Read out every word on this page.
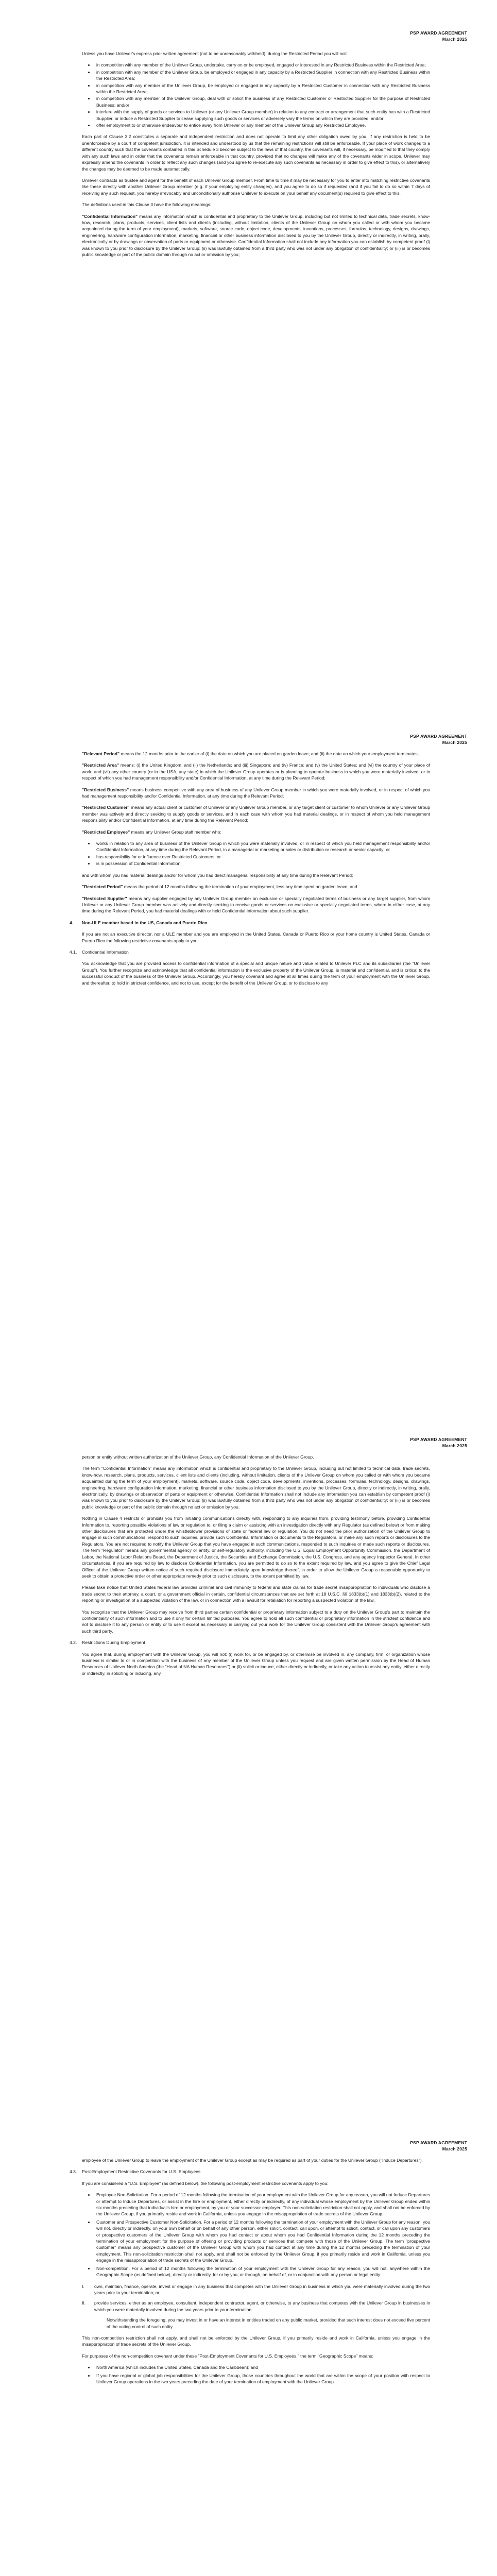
PSP AWARD AGREEMENT
March 2025

Unless you have Unilever's express prior written agreement (not to be unreasonably withheld), during the Restricted Period you will not:

• in competition with any member of the Unilever Group, undertake, carry on or be employed, engaged or interested in any Restricted Business within the Restricted Area;
• in competition with any member of the Unilever Group, be employed or engaged in any capacity by a Restricted Supplier in connection with any Restricted Business within the Restricted Area;
• in competition with any member of the Unilever Group, be employed or engaged in any capacity by a Restricted Customer in connection with any Restricted Business within the Restricted Area;
• in competition with any member of the Unilever Group, deal with or solicit the business of any Restricted Customer or Restricted Supplier for the purpose of Restricted Business; and/or
• interfere with the supply of goods or services to Unilever (or any Unilever Group member) in relation to any contract or arrangement that such entity has with a Restricted Supplier, or induce a Restricted Supplier to cease supplying such goods or services or adversely vary the terms on which they are provided; and/or
• offer employment to or otherwise endeavour to entice away from Unilever or any member of the Unilever Group any Restricted Employee.

Each part of Clause 3.2 constitutes a separate and independent restriction and does not operate to limit any other obligation owed by you. If any restriction is held to be unenforceable by a court of competent jurisdiction, it is intended and understood by us that the remaining restrictions will still be enforceable. If your place of work changes to a different country such that the covenants contained in this Schedule 3 become subject to the laws of that country, the covenants will, if necessary, be modified to that they comply with any such laws and in order that the covenants remain enforceable in that country, provided that no changes will make any of the covenants wider in scope. Unilever may expressly amend the covenants in order to reflect any such changes (and you agree to re-execute any such covenants as necessary in order to give effect to this), or alternatively the changes may be deemed to be made automatically.

Unilever contracts as trustee and agent for the benefit of each Unilever Group member. From time to time it may be necessary for you to enter into matching restrictive covenants like these directly with another Unilever Group member (e.g. if your employing entity changes), and you agree to do so if requested (and if you fail to do so within 7 days of receiving any such request, you hereby irrevocably and unconditionally authorise Unilever to execute on your behalf any document(s) required to give effect to this.

The definitions used in this Clause 3 have the following meanings:

"Confidential Information" means any information which is confidential and proprietary to the Unilever Group, including but not limited to technical data, trade secrets, know-how, research, plans, products, services, client lists and clients (including, without limitation, clients of the Unilever Group on whom you called or with whom you became acquainted during the term of your employment), markets, software, source code, object code, developments, inventions, processes, formulas, technology, designs, drawings, engineering, hardware configuration information, marketing, financial or other business information disclosed to you by the Unilever Group, directly or indirectly, in writing, orally, electronically or by drawings or observation of parts or equipment or otherwise. Confidential Information shall not include any information you can establish by competent proof (i) was known to you prior to disclosure by the Unilever Group; (ii) was lawfully obtained from a third party who was not under any obligation of confidentiality; or (iii) is or becomes public knowledge or part of the public domain through no act or omission by you;

PSP AWARD AGREEMENT
March 2025

"Relevant Period" means the 12 months prior to the earlier of (i) the date on which you are placed on garden leave; and (ii) the date on which your employment terminates;

"Restricted Area" means: (i) the United Kingdom; and (ii) the Netherlands; and (iii) Singapore; and (iv) France; and (v) the United States; and (vi) the country of your place of work; and (vii) any other country (or in the USA, any state) in which the Unilever Group operates or is planning to operate business in which you were materially involved, or in respect of which you had management responsibility and/or Confidential Information, at any time during the Relevant Period;

"Restricted Business" means business competitive with any area of business of any Unilever Group member in which you were materially involved, or in respect of which you had management responsibility and/or Confidential Information, at any time during the Relevant Period;

"Restricted Customer" means any actual client or customer of Unilever or any Unilever Group member, or any target client or customer to whom Unilever or any Unilever Group member was actively and directly seeking to supply goods or services, and in each case with whom you had material dealings, or in respect of whom you held management responsibility and/or Confidential Information, at any time during the Relevant Period;

"Restricted Employee" means any Unilever Group staff member who:

• works in relation to any area of business of the Unilever Group in which you were materially involved, or in respect of which you held management responsibility and/or Confidential Information, at any time during the Relevant Period, in a managerial or marketing or sales or distribution or research or senior capacity; or
• has responsibility for or influence over Restricted Customers; or
• is in possession of Confidential Information;

and with whom you had material dealings and/or for whom you had direct managerial responsibility at any time during the Relevant Period;

"Restricted Period" means the period of 12 months following the termination of your employment, less any time spent on garden leave; and

"Restricted Supplier" means any supplier engaged by any Unilever Group member on exclusive or specially negotiated terms of business or any target supplier, from whom Unilever or any Unilever Group member was actively and directly seeking to receive goods or services on exclusive or specially negotiated terms, where in either case, at any time during the Relevant Period, you had material dealings with or held Confidential Information about such supplier.

4. Non-ULE member based in the US, Canada and Puerto Rico

If you are not an executive director, nor a ULE member and you are employed in the United States, Canada or Puerto Rico or your home country is United States, Canada or Puerto Rico the following restrictive covenants apply to you:

4.1. Confidential Information

You acknowledge that you are provided access to confidential information of a special and unique nature and value related to Unilever PLC and its subsidiaries (the "Unilever Group"). You further recognize and acknowledge that all confidential information is the exclusive property of the Unilever Group, is material and confidential, and is critical to the successful conduct of the business of the Unilever Group. Accordingly, you hereby covenant and agree at all times during the term of your employment with the Unilever Group, and thereafter, to hold in strictest confidence, and not to use, except for the benefit of the Unilever Group, or to disclose to any

PSP AWARD AGREEMENT
March 2025

person or entity without written authorization of the Unilever Group, any Confidential Information of the Unilever Group.

The term "Confidential Information" means any information which is confidential and proprietary to the Unilever Group, including but not limited to technical data, trade secrets, know-how, research, plans, products, services, client lists and clients (including, without limitation, clients of the Unilever Group on whom you called or with whom you became acquainted during the term of your employment), markets, software, source code, object code, developments, inventions, processes, formulas, technology, designs, drawings, engineering, hardware configuration information, marketing, financial or other business information disclosed to you by the Unilever Group, directly or indirectly, in writing, orally, electronically, by drawings or observation of parts or equipment or otherwise. Confidential Information shall not include any information you can establish by competent proof (i) was known to you prior to disclosure by the Unilever Group; (ii) was lawfully obtained from a third party who was not under any obligation of confidentiality; or (iii) is or becomes public knowledge or part of the public domain through no act or omission by you.

Nothing in Clause 4 restricts or prohibits you from initiating communications directly with, responding to any inquiries from, providing testimony before, providing Confidential Information to, reporting possible violations of law or regulation to, or filing a claim or assisting with an investigation directly with any Regulator (as defined below) or from making other disclosures that are protected under the whistleblower provisions of state or federal law or regulation. You do not need the prior authorization of the Unilever Group to engage in such communications, respond to such inquiries, provide such Confidential Information or documents to the Regulators, or make any such reports or disclosures to the Regulators. You are not required to notify the Unilever Group that you have engaged in such communications, responded to such inquiries or made such reports or disclosures. The term "Regulator" means any governmental agency or entity, or self-regulatory authority, including the U.S. Equal Employment Opportunity Commission, the Department of Labor, the National Labor Relations Board, the Department of Justice, the Securities and Exchange Commission, the U.S. Congress, and any agency Inspector General. In other circumstances, if you are required by law to disclose Confidential Information, you are permitted to do so to the extent required by law, and you agree to give the Chief Legal Officer of the Unilever Group written notice of such required disclosure immediately upon knowledge thereof, in order to allow the Unilever Group a reasonable opportunity to seek to obtain a protective order or other appropriate remedy prior to such disclosure, to the extent permitted by law.

Please take notice that United States federal law provides criminal and civil immunity to federal and state claims for trade secret misappropriation to individuals who disclose a trade secret to their attorney, a court, or a government official in certain, confidential circumstances that are set forth at 18 U.S.C. §§ 1833(b)(1) and 1833(b)(2), related to the reporting or investigation of a suspected violation of the law, or in connection with a lawsuit for retaliation for reporting a suspected violation of the law.

You recognize that the Unilever Group may receive from third parties certain confidential or proprietary information subject to a duty on the Unilever Group's part to maintain the confidentiality of such information and to use it only for certain limited purposes. You agree to hold all such confidential or proprietary information in the strictest confidence and not to disclose it to any person or entity or to use it except as necessary in carrying out your work for the Unilever Group consistent with the Unilever Group's agreement with such third party.

4.2. Restrictions During Employment

You agree that, during employment with the Unilever Group, you will not: (i) work for, or be engaged by, or otherwise be involved in, any company, firm, or organization whose business is similar to or in competition with the business of any member of the Unilever Group unless you request and are given written permission by the Head of Human Resources of Unilever North America (the "Head of NA Human Resources") or (ii) solicit or induce, either directly or indirectly, or take any action to assist any entity, either directly or indirectly, in soliciting or inducing, any

PSP AWARD AGREEMENT
March 2025

employee of the Unilever Group to leave the employment of the Unilever Group except as may be required as part of your duties for the Unilever Group ("Induce Departures").

4.3. Post-Employment Restrictive Covenants for U.S. Employees

If you are considered a "U.S. Employee" (as defined below), the following post-employment restrictive covenants apply to you:

• Employee Non-Solicitation. For a period of 12 months following the termination of your employment with the Unilever Group for any reason, you will not Induce Departures or attempt to Induce Departures, or assist in the hire or employment, either directly or indirectly, of any individual whose employment by the Unilever Group ended within six months preceding that individual's hire or employment, by you or your successor employer. This non-solicitation restriction shall not apply, and shall not be enforced by the Unilever Group, if you primarily reside and work in California, unless you engage in the misappropriation of trade secrets of the Unilever Group.
• Customer and Prospective Customer Non-Solicitation. For a period of 12 months following the termination of your employment with the Unilever Group for any reason, you will not, directly or indirectly, on your own behalf or on behalf of any other person, either solicit, contact, call upon, or attempt to solicit, contact, or call upon any customers or prospective customers of the Unilever Group with whom you had contact or about whom you had Confidential Information during the 12 months preceding the termination of your employment for the purpose of offering or providing products or services that compete with those of the Unilever Group. The term "prospective customer" means any prospective customer of the Unilever Group with whom you had contact at any time during the 12 months preceding the termination of your employment. This non-solicitation restriction shall not apply, and shall not be enforced by the Unilever Group, if you primarily reside and work in California, unless you engage in the misappropriation of trade secrets of the Unilever Group.
• Non-competition. For a period of 12 months following the termination of your employment with the Unilever Group for any reason, you will not, anywhere within the Geographic Scope (as defined below), directly or indirectly, for or by you, or through, on behalf of, or in conjunction with any person or legal entity:
I.	own, maintain, finance, operate, invest or engage in any business that competes with the Unilever Group in business in which you were materially involved during the two years prior to your termination; or
II.	provide services, either as an employee, consultant, independent contractor, agent, or otherwise, to any business that competes with the Unilever Group in businesses in which you were materially involved during the two years prior to your termination.

Notwithstanding the foregoing, you may invest in or have an interest in entities traded on any public market, provided that such interest does not exceed five percent of the voting control of such entity.

This non-competition restriction shall not apply, and shall not be enforced by the Unilever Group, if you primarily reside and work in California, unless you engage in the misappropriation of trade secrets of the Unilever Group.

For purposes of the non-competition covenant under these "Post-Employment Covenants for U.S. Employees," the term "Geographic Scope" means:

• North America (which includes the United States, Canada and the Caribbean); and
• If you have regional or global job responsibilities for the Unilever Group, those countries throughout the world that are within the scope of your position with respect to Unilever Group operations in the two years preceding the date of your termination of employment with the Unilever Group.
